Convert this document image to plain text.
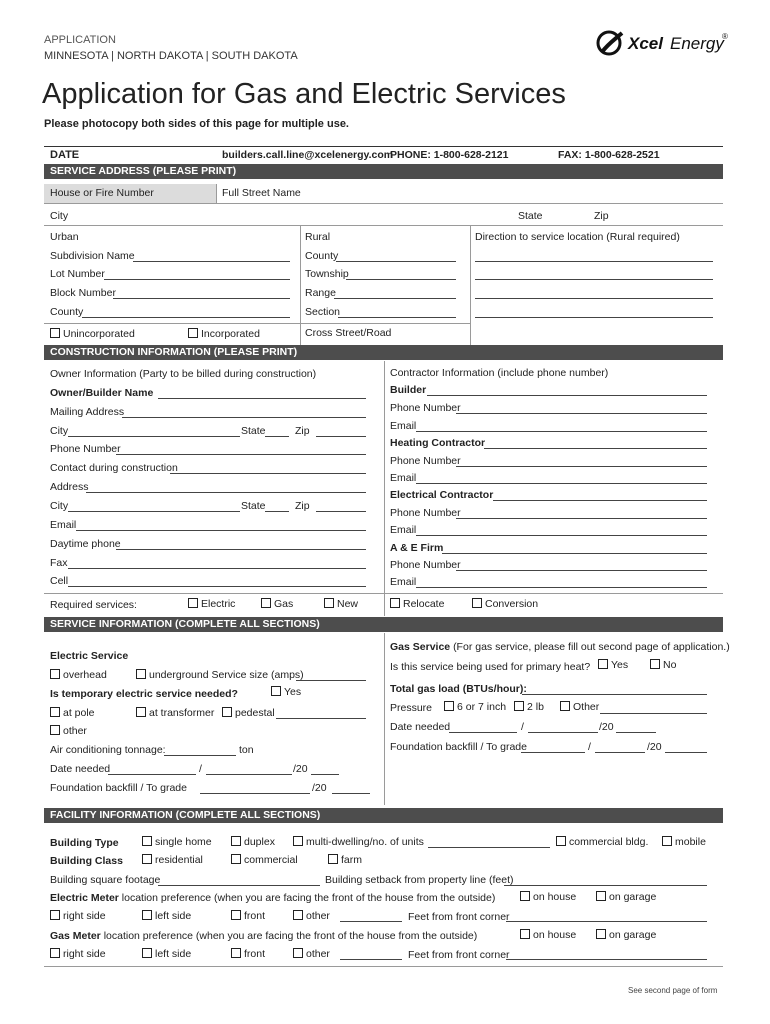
APPLICATION
MINNESOTA | NORTH DAKOTA | SOUTH DAKOTA
Xcel Energy
®
Application for Gas and Electric Services
Please photocopy both sides of this page for multiple use.
DATE	builders.call.line@xcelenergy.com
PHONE: 1-800-628-2121	FAX: 1-800-628-2521
SERVICE ADDRESS (PLEASE PRINT)
House or Fire Number	Full Street Name
City	State	Zip
Urban
Subdivision Name
Lot Number
Block Number
County
Unincorporated	Incorporated
Rural
County
Township
Range
Section
Cross Street/Road
Direction to service location (Rural required)
CONSTRUCTION INFORMATION (PLEASE PRINT)
Owner Information (Party to be billed during construction)
Owner/Builder Name
Mailing Address
City	State	Zip
Phone Number
Contact during construction
Address
City	State	Zip
Email
Daytime phone
Fax
Cell
Contractor Information (include phone number)
Builder
Phone Number
Email
Heating Contractor
Phone Number
Email
Electrical Contractor
Phone Number
Email
A & E Firm
Phone Number
Email
Required services:	Electric	Gas	New	Relocate	Conversion
SERVICE INFORMATION (COMPLETE ALL SECTIONS)
Electric Service
overhead	underground Service size (amps)
Is temporary electric service needed?	Yes
at pole	at transformer	pedestal
other
Air conditioning tonnage:	ton
Date needed	/	/20
Foundation backfill / To grade	/20
Gas Service (For gas service, please fill out second page of application.)
Is this service being used for primary heat?	Yes	No
Total gas load (BTUs/hour):
Pressure	6 or 7 inch	2 lb	Other
Date needed	/	/20
Foundation backfill / To grade	/	/20
FACILITY INFORMATION (COMPLETE ALL SECTIONS)
Building Type	single home	duplex	multi-dwelling/no. of units	commercial bldg.	mobile
Building Class	residential	commercial	farm
Building square footage	Building setback from property line (feet)
Electric Meter location preference (when you are facing the front of the house from the outside)	on house	on garage
right side	left side	front	other	Feet from front corner
Gas Meter location preference (when you are facing the front of the house from the outside)	on house	on garage
right side	left side	front	other	Feet from front corner
See second page of form
